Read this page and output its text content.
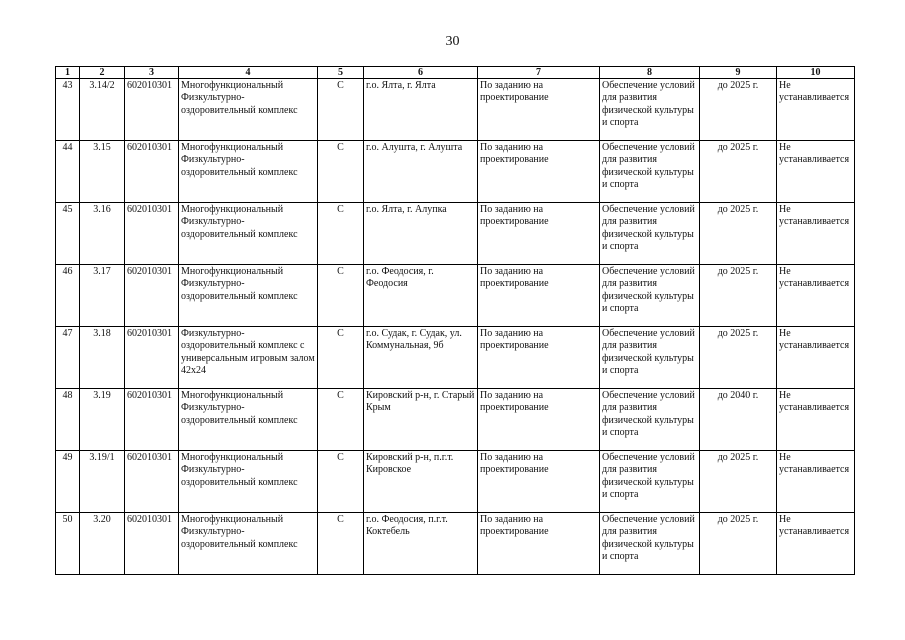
30
1	2	3	4	5	6	7	8	9	10
43	3.14/2	602010301	Многофункциональный Физкультурно-оздоровительный комплекс	С	г.о. Ялта, г. Ялта	По заданию на проектирование	Обеспечение условий для развития физической культуры и спорта	до 2025 г.	Не устанавливается
44	3.15	602010301	Многофункциональный Физкультурно-оздоровительный комплекс	С	г.о. Алушта, г. Алушта	По заданию на проектирование	Обеспечение условий для развития физической культуры и спорта	до 2025 г.	Не устанавливается
45	3.16	602010301	Многофункциональный Физкультурно-оздоровительный комплекс	С	г.о. Ялта, г. Алупка	По заданию на проектирование	Обеспечение условий для развития физической культуры и спорта	до 2025 г.	Не устанавливается
46	3.17	602010301	Многофункциональный Физкультурно-оздоровительный комплекс	С	г.о. Феодосия, г. Феодосия	По заданию на проектирование	Обеспечение условий для развития физической культуры и спорта	до 2025 г.	Не устанавливается
47	3.18	602010301	Физкультурно-оздоровительный комплекс с универсальным игровым залом 42x24	С	г.о. Судак, г. Судак, ул. Коммунальная, 9б	По заданию на проектирование	Обеспечение условий для развития физической культуры и спорта	до 2025 г.	Не устанавливается
48	3.19	602010301	Многофункциональный Физкультурно-оздоровительный комплекс	С	Кировский р-н, г. Старый Крым	По заданию на проектирование	Обеспечение условий для развития физической культуры и спорта	до 2040 г.	Не устанавливается
49	3.19/1	602010301	Многофункциональный Физкультурно-оздоровительный комплекс	С	Кировский р-н, п.г.т. Кировское	По заданию на проектирование	Обеспечение условий для развития физической культуры и спорта	до 2025 г.	Не устанавливается
50	3.20	602010301	Многофункциональный Физкультурно-оздоровительный комплекс	С	г.о. Феодосия, п.г.т. Коктебель	По заданию на проектирование	Обеспечение условий для развития физической культуры и спорта	до 2025 г.	Не устанавливается
